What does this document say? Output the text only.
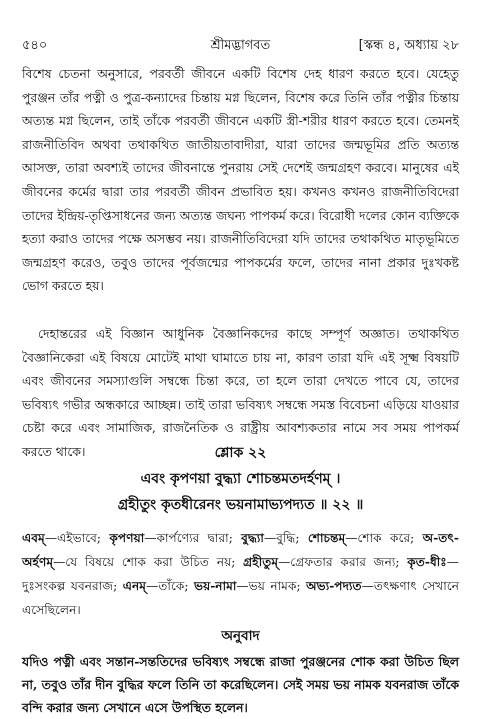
৫৪০	শ্রীমদ্ভাগবত	[স্কন্ধ ৪, অধ্যায় ২৮
বিশেষ চেতনা অনুসারে, পরবর্তী জীবনে একটি বিশেষ দেহ ধারণ করতে হবে। যেহেতু পুরঞ্জন তাঁর পত্নী ও পুত্র-কন্যাদের চিন্তায় মগ্ন ছিলেন, বিশেষ করে তিনি তাঁর পত্নীর চিন্তায় অত্যন্ত মগ্ন ছিলেন, তাই তাঁকে পরবর্তী জীবনে একটি স্ত্রী-শরীর ধারণ করতে হবে। তেমনই রাজনীতিবিদ অথবা তথাকথিত জাতীয়তাবাদীরা, যারা তাদের জন্মভূমির প্রতি অত্যন্ত আসক্ত, তারা অবশ্যই তাদের জীবনান্তে পুনরায় সেই দেশেই জন্মগ্রহণ করবে। মানুষের এই জীবনের কর্মের দ্বারা তার পরবর্তী জীবন প্রভাবিত হয়। কখনও কখনও রাজনীতিবিদেরা তাদের ইন্দ্রিয়-তৃপ্তিসাধনের জন্য অত্যন্ত জঘন্য পাপকর্ম করে। বিরোধী দলের কোন ব্যক্তিকে হত্যা করাও তাদের পক্ষে অসম্ভব নয়। রাজনীতিবিদেরা যদি তাদের তথাকথিত মাতৃভূমিতে জন্মগ্রহণ করেও, তবুও তাদের পূর্বজন্মের পাপকর্মের ফলে, তাদের নানা প্রকার দুঃখকষ্ট ভোগ করতে হয়।
দেহান্তরের এই বিজ্ঞান আধুনিক বৈজ্ঞানিকদের কাছে সম্পূর্ণ অজ্ঞাত। তথাকথিত বৈজ্ঞানিকেরা এই বিষয়ে মোটেই মাথা ঘামাতে চায় না, কারণ তারা যদি এই সূক্ষ্ম বিষয়টি এবং জীবনের সমস্যাগুলি সম্বন্ধে চিন্তা করে, তা হলে তারা দেখতে পাবে যে, তাদের ভবিষ্যৎ গভীর অন্ধকারে আচ্ছন্ন। তাই তারা ভবিষ্যৎ সম্বন্ধে সমস্ত বিবেচনা এড়িয়ে যাওয়ার চেষ্টা করে এবং সামাজিক, রাজনৈতিক ও রাষ্ট্রীয় আবশ্যকতার নামে সব সময় পাপকর্ম করতে থাকে।	শ্লোক ২২
এবং কৃপণয়া বুদ্ধ্যা শোচন্তমতদর্হণম্ ।
গ্রহীতুং কৃতধীরেনং ভয়নামাভ্যপদ্যত ॥ ২২ ॥
এবম্—এইভাবে; কৃপণয়া—কার্পণ্যের দ্বারা; বুদ্ধ্যা—বুদ্ধি; শোচন্তম্—শোক করে; অ-তৎ-অর্হণম্—যে বিষয়ে শোক করা উচিত নয়; গ্রহীতুম্—গ্রেফতার করার জন্য; কৃত-ধীঃ—দুঃসংকল্প যবনরাজ; এনম্—তাঁকে; ভয়-নামা—ভয় নামক; অভ্য-পদ্যত—তৎক্ষণাৎ সেখানে এসেছিলেন।
অনুবাদ
যদিও পত্নী এবং সন্তান-সন্ততিদের ভবিষ্যৎ সম্বন্ধে রাজা পুরঞ্জনের শোক করা উচিত ছিল না, তবুও তাঁর দীন বুদ্ধির ফলে তিনি তা করেছিলেন। সেই সময় ভয় নামক যবনরাজ তাঁকে বন্দি করার জন্য সেখানে এসে উপস্থিত হলেন।
